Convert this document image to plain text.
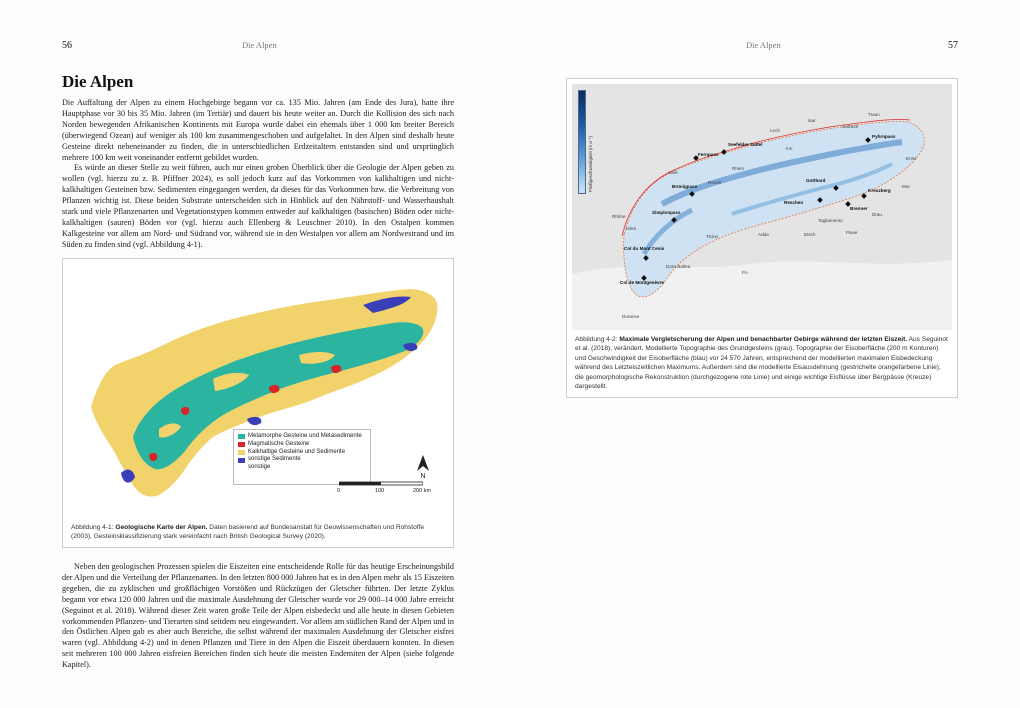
56	Die Alpen
Die Alpen

Die Auffaltung der Alpen zu einem Hochgebirge begann vor ca. 135 Mio. Jahren (am Ende des Jura), hatte ihre Hauptphase vor 30 bis 35 Mio. Jahren (im Tertiär) und dauert bis heute weiter an. Durch die Kollision des sich nach Norden bewegenden Afrikanischen Kontinents mit Europa wurde dabei ein ehemals über 1 000 km breiter Bereich (überwiegend Ozean) auf weniger als 100 km zusammengeschoben und aufgefaltet. In den Alpen sind deshalb heute Gesteine direkt nebeneinander zu finden, die in unterschiedlichen Erdzeitaltern entstanden sind und ursprünglich mehrere 100 km weit voneinander entfernt gebildet wurden.

Es würde an dieser Stelle zu weit führen, auch nur einen groben Überblick über die Geologie der Alpen geben zu wollen (vgl. hierzu zu z. B. Pfiffner 2024), es soll jedoch kurz auf das Vorkommen von kalkhaltigen und nicht-kalkhaltigen Gesteinen bzw. Sedimenten eingegangen werden, da dieses für das Vorkommen bzw. die Verbreitung von Pflanzen wichtig ist. Diese beiden Substrate unterscheiden sich in Hinblick auf den Nährstoff- und Wasserhaushalt stark und viele Pflanzenarten und Vegetationstypen kommen entweder auf kalkhaltigen (basischen) Böden oder nicht-kalkhaltigen (sauren) Böden vor (vgl. hierzu auch Ellenberg & Leuschner 2010). In den Ostalpen kommen Kalkgesteine vor allem am Nord- und Südrand vor, während sie in den Westalpen vor allem am Nordwestrand und im Süden zu finden sind (vgl. Abbildung 4-1).

Metamorphe Gesteine und Metasedimente
Magmatische Gesteine
Kalkhaltige Gesteine und Sedimente
sonstige Sedimente
sonstige
N
0	100	200 km
Abbildung 4-1: Geologische Karte der Alpen. Daten basierend auf Bundesanstalt für Geowissenschaften und Rohstoffe (2003), Gesteinsklassifizierung stark vereinfacht nach British Geological Survey (2020).

Neben den geologischen Prozessen spielen die Eiszeiten eine entscheidende Rolle für das heutige Erscheinungsbild der Alpen und die Verteilung der Pflanzenarten. In den letzten 800 000 Jahren hat es in den Alpen mehr als 15 Eiszeiten gegeben, die zu zyklischen und großflächigen Vorstößen und Rückzügen der Gletscher führten. Der letzte Zyklus begann vor etwa 120 000 Jahren und die maximale Ausdehnung der Gletscher wurde vor 29 000–14 000 Jahre erreicht (Seguinot et al. 2018). Während dieser Zeit waren große Teile der Alpen eisbedeckt und alle heute in diesen Gebieten vorkommenden Pflanzen- und Tierarten sind seitdem neu eingewandert. Vor allem am südlichen Rand der Alpen und in den Östlichen Alpen gab es aber auch Bereiche, die selbst während der maximalen Ausdehnung der Gletscher eisfrei waren (vgl. Abbildung 4-2) und in denen Pflanzen und Tiere in den Alpen die Eiszeit überdauern konnten. In diesen seit mehreren 100 000 Jahren eisfreien Bereichen finden sich heute die meisten Endemiten der Alpen (siehe folgende Kapitel).

Die Alpen	57
Fließgeschwindigkeit (m a⁻¹)	Fernpass
Seefelder Sattel
Pyhrnpass
Brünigpass
Gotthard
Kreuzberg
Simplonpass
Reschen
Brenner
Col du Mont Cenis
Col de Montgenèvre
Traun
Inn
Salzach
Enns
Mur
Drau
Rhein
Aare
Reuss
Ticino	Adda	Etsch	Piave
Tagliamento
Isère
Rhône
Durance
Po
Dora Baltea
Lech
Isar
Abbildung 4-2: Maximale Vergletscherung der Alpen und benachbarter Gebirge während der letzten Eiszeit. Aus Seguinot et al. (2018), verändert. Modellierte Topographie des Grundgesteins (grau), Topographie der Eisoberfläche (200 m Konturen) und Geschwindigkeit der Eisoberfläche (blau) vor 24 570 Jahren, entsprechend der modellierten maximalen Eisbedeckung während des Letzteiszeitlichen Maximums. Außerdem sind die modellierte Eisausdehnung (gestrichelte orangefarbene Linie), die geomorphologische Rekonstruktion (durchgezogene rote Linie) und einige wichtige Eisflüsse über Bergpässe (Kreuze) dargestellt.
